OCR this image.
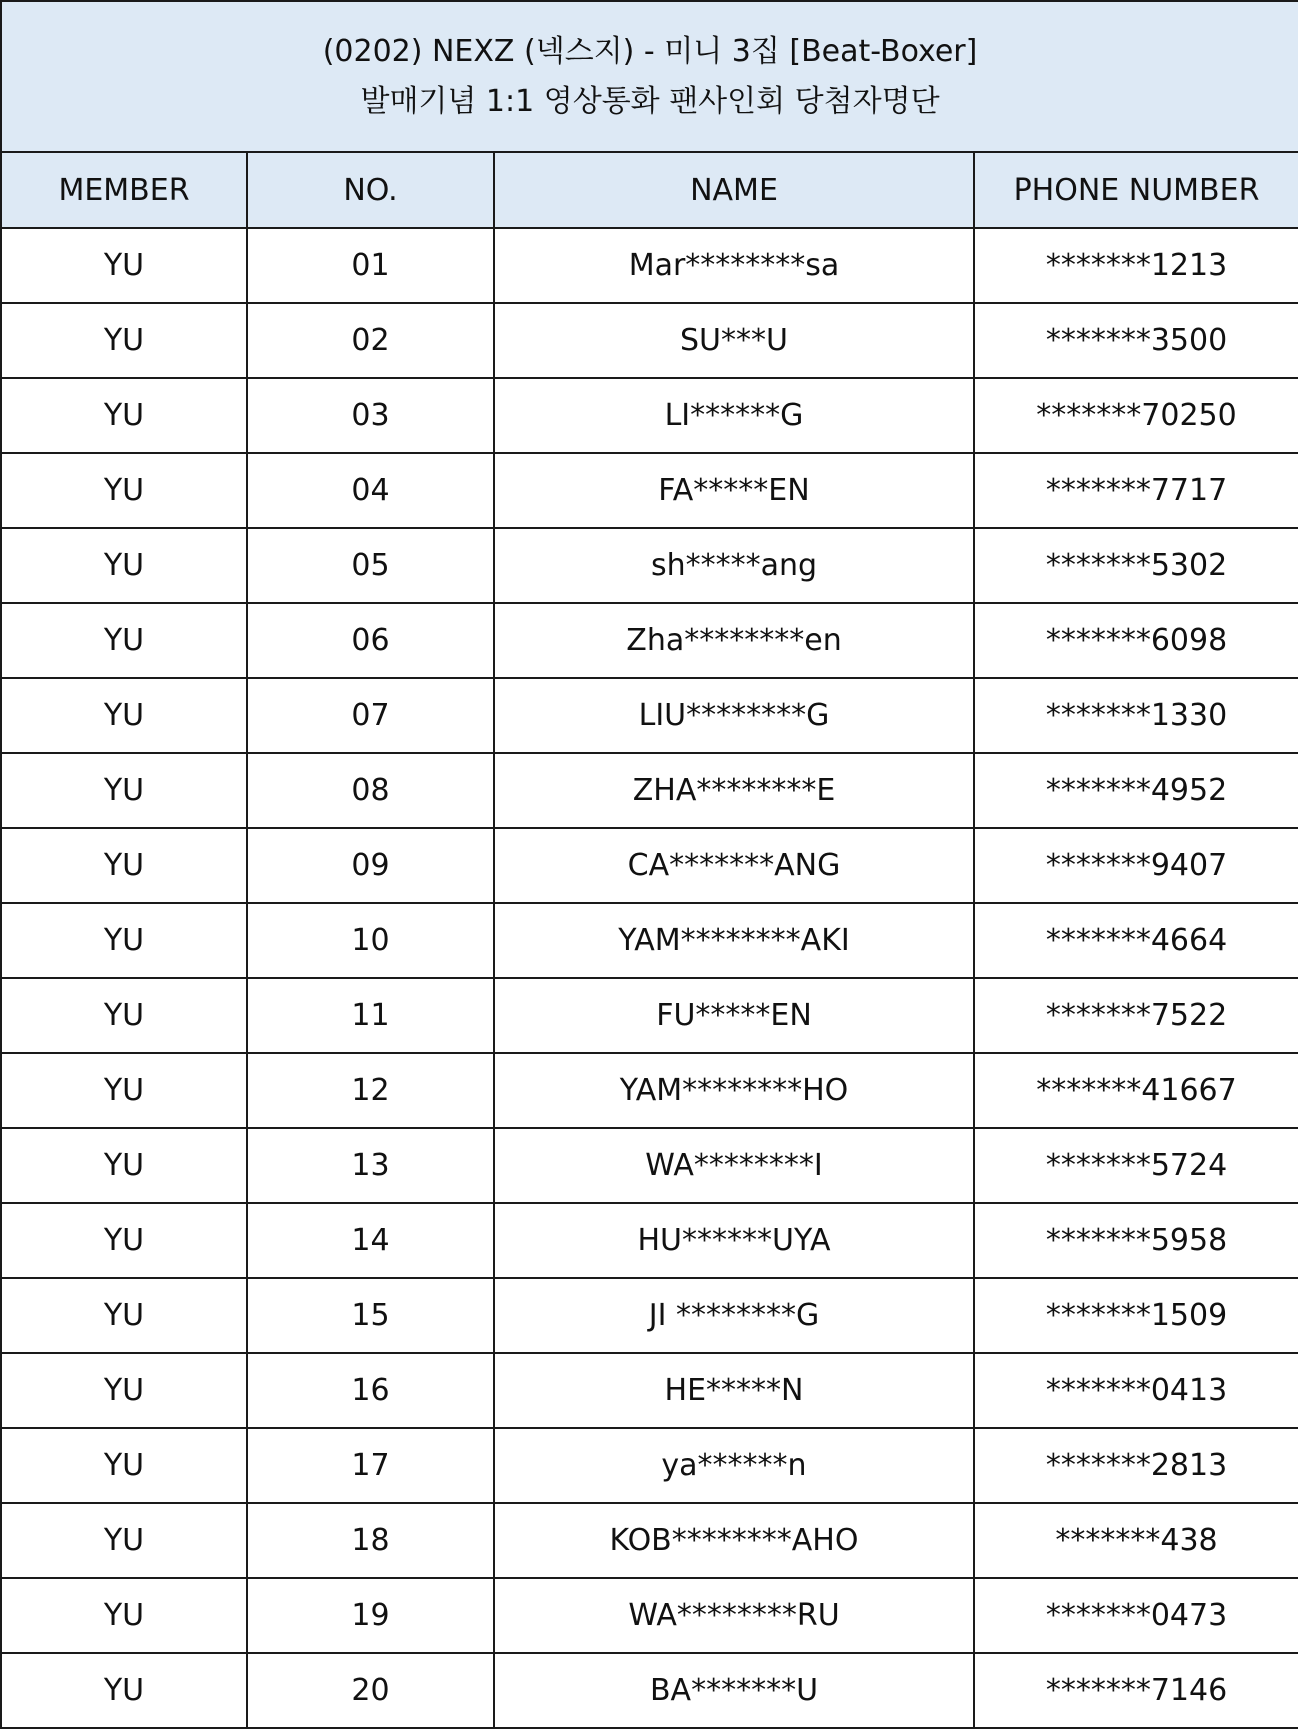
(0202) NEXZ (넥스지) - 미니 3집 [Beat-Boxer]
발매기념 1:1 영상통화 팬사인회 당첨자명단			

MEMBER	NO.	NAME	PHONE NUMBER
YU	01	Mar********sa	*******1213
YU	02	SU***U	*******3500
YU	03	LI******G	*******70250
YU	04	FA*****EN	*******7717
YU	05	sh*****ang	*******5302
YU	06	Zha********en	*******6098
YU	07	LIU********G	*******1330
YU	08	ZHA********E	*******4952
YU	09	CA*******ANG	*******9407
YU	10	YAM********AKI	*******4664
YU	11	FU*****EN	*******7522
YU	12	YAM********HO	*******41667
YU	13	WA********I	*******5724
YU	14	HU******UYA	*******5958
YU	15	JI ********G	*******1509
YU	16	HE*****N	*******0413
YU	17	ya******n	*******2813
YU	18	KOB********AHO	*******438
YU	19	WA********RU	*******0473
YU	20	BA*******U	*******7146
